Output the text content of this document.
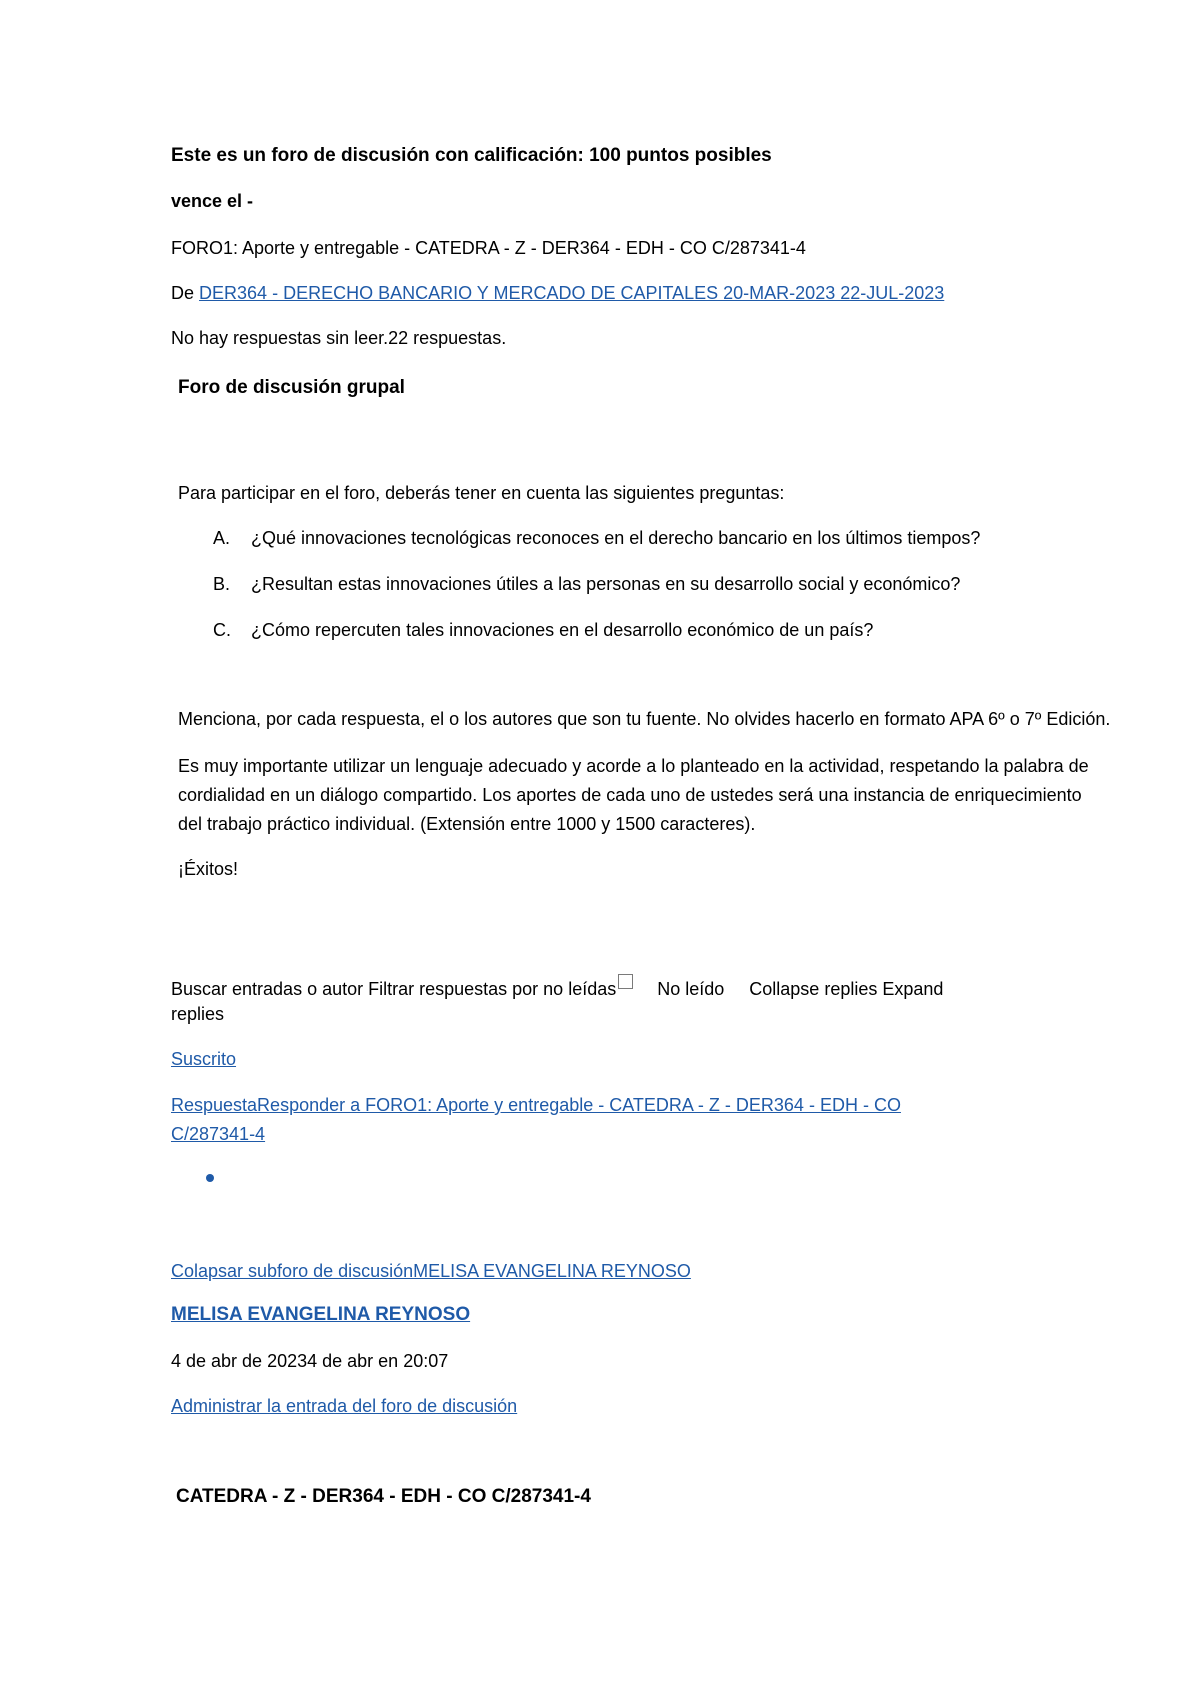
Este es un foro de discusión con calificación: 100 puntos posibles
vence el -
FORO1: Aporte y entregable - CATEDRA - Z - DER364 - EDH - CO C/287341-4
De DER364 - DERECHO BANCARIO Y MERCADO DE CAPITALES 20-MAR-2023 22-JUL-2023
No hay respuestas sin leer.22 respuestas.
Foro de discusión grupal
Para participar en el foro, deberás tener en cuenta las siguientes preguntas:
A. ¿Qué innovaciones tecnológicas reconoces en el derecho bancario en los últimos tiempos?
B. ¿Resultan estas innovaciones útiles a las personas en su desarrollo social y económico?
C. ¿Cómo repercuten tales innovaciones en el desarrollo económico de un país?
Menciona, por cada respuesta, el o los autores que son tu fuente. No olvides hacerlo en formato APA 6º o 7º Edición.
Es muy importante utilizar un lenguaje adecuado y acorde a lo planteado en la actividad, respetando la palabra de
cordialidad en un diálogo compartido. Los aportes de cada uno de ustedes será una instancia de enriquecimiento
del trabajo práctico individual. (Extensión entre 1000 y 1500 caracteres).
¡Éxitos!
Buscar entradas o autor Filtrar respuestas por no leídas No leído Collapse replies Expand
replies
Suscrito
RespuestaResponder a FORO1: Aporte y entregable - CATEDRA - Z - DER364 - EDH - CO
C/287341-4
Colapsar subforo de discusiónMELISA EVANGELINA REYNOSO
MELISA EVANGELINA REYNOSO
4 de abr de 20234 de abr en 20:07
Administrar la entrada del foro de discusión
CATEDRA - Z - DER364 - EDH - CO C/287341-4
